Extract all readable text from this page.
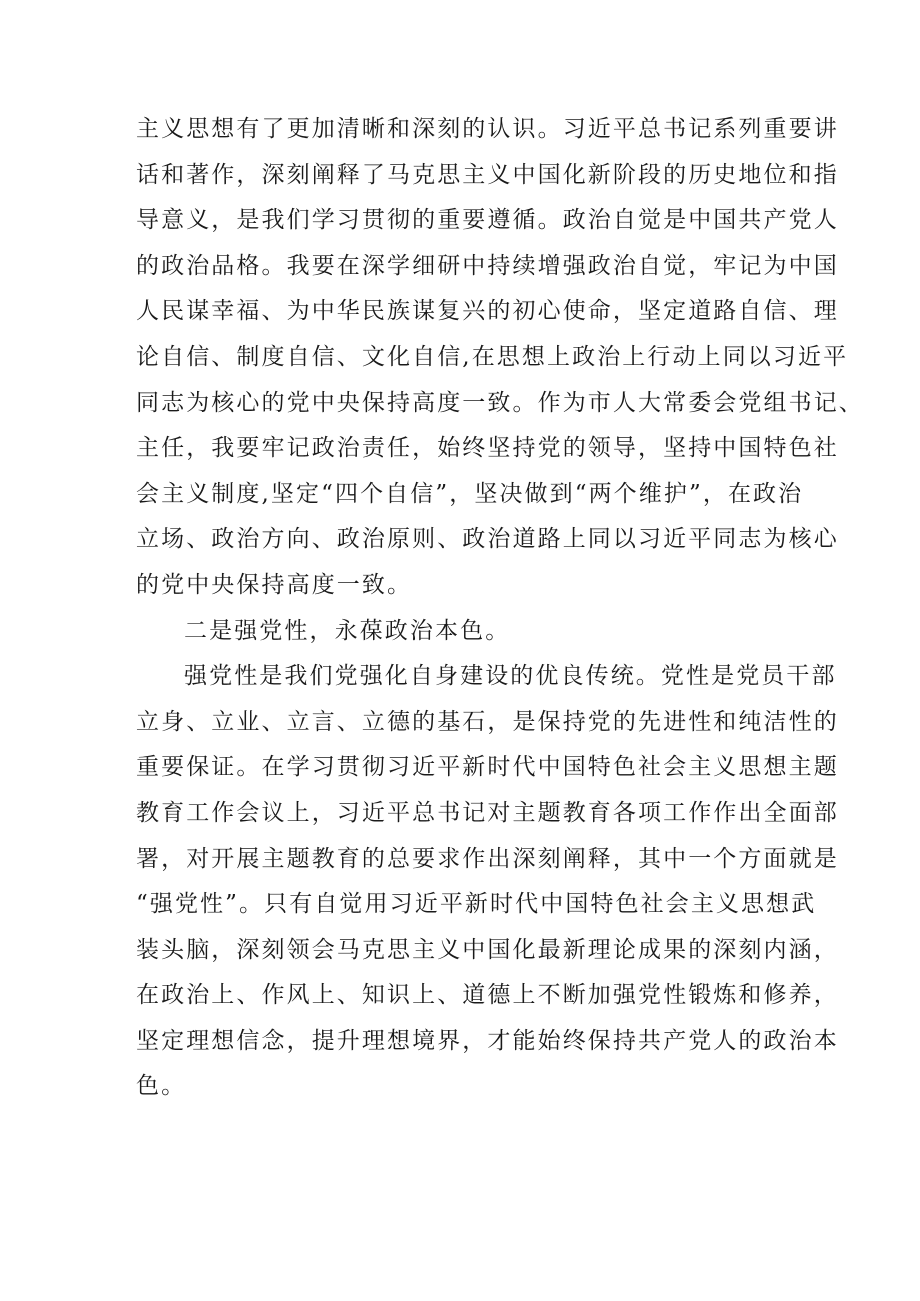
主义思想有了更加清晰和深刻的认识。习近平总书记系列重要讲
话和著作，深刻阐释了马克思主义中国化新阶段的历史地位和指
导意义，是我们学习贯彻的重要遵循。政治自觉是中国共产党人
的政治品格。我要在深学细研中持续增强政治自觉，牢记为中国
人民谋幸福、为中华民族谋复兴的初心使命，坚定道路自信、理
论自信、制度自信、文化自信,在思想上政治上行动上同以习近平
同志为核心的党中央保持高度一致。作为市人大常委会党组书记、
主任，我要牢记政治责任，始终坚持党的领导，坚持中国特色社
会主义制度,坚定“四个自信”，坚决做到“两个维护”，在政治
立场、政治方向、政治原则、政治道路上同以习近平同志为核心
的党中央保持高度一致。
二是强党性，永葆政治本色。
强党性是我们党强化自身建设的优良传统。党性是党员干部
立身、立业、立言、立德的基石，是保持党的先进性和纯洁性的
重要保证。在学习贯彻习近平新时代中国特色社会主义思想主题
教育工作会议上，习近平总书记对主题教育各项工作作出全面部
署，对开展主题教育的总要求作出深刻阐释，其中一个方面就是
“强党性”。只有自觉用习近平新时代中国特色社会主义思想武
装头脑，深刻领会马克思主义中国化最新理论成果的深刻内涵，
在政治上、作风上、知识上、道德上不断加强党性锻炼和修养，
坚定理想信念，提升理想境界，才能始终保持共产党人的政治本
色。
